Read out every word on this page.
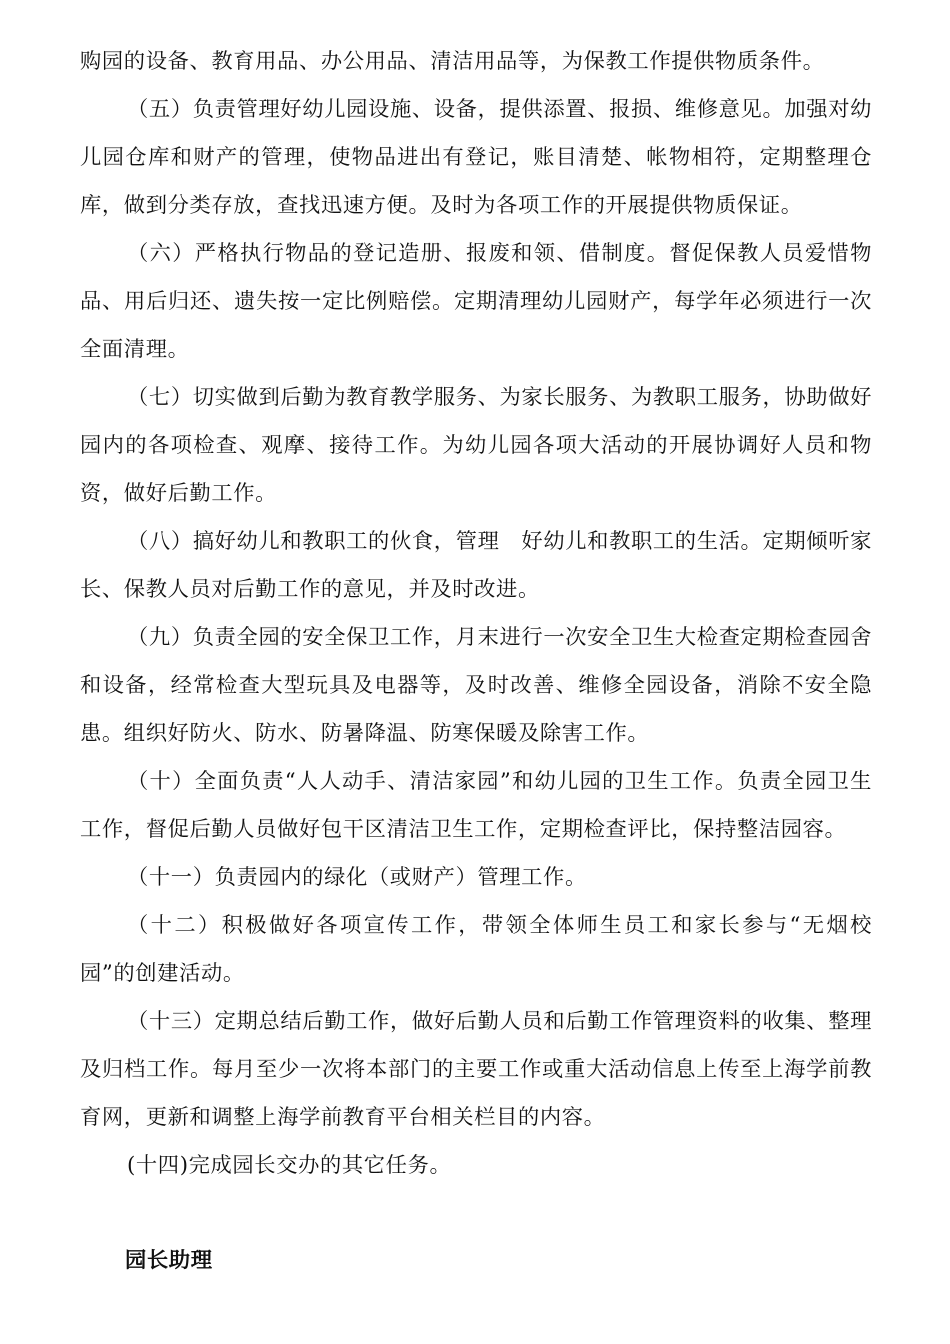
购园的设备、教育用品、办公用品、清洁用品等，为保教工作提供物质条件。

（五）负责管理好幼儿园设施、设备，提供添置、报损、维修意见。加强对幼儿园仓库和财产的管理，使物品进出有登记，账目清楚、帐物相符，定期整理仓库，做到分类存放，查找迅速方便。及时为各项工作的开展提供物质保证。

（六）严格执行物品的登记造册、报废和领、借制度。督促保教人员爱惜物品、用后归还、遗失按一定比例赔偿。定期清理幼儿园财产，每学年必须进行一次全面清理。

（七）切实做到后勤为教育教学服务、为家长服务、为教职工服务，协助做好园内的各项检查、观摩、接待工作。为幼儿园各项大活动的开展协调好人员和物资，做好后勤工作。

（八）搞好幼儿和教职工的伙食，管理　好幼儿和教职工的生活。定期倾听家长、保教人员对后勤工作的意见，并及时改进。

（九）负责全园的安全保卫工作，月末进行一次安全卫生大检查定期检查园舍和设备，经常检查大型玩具及电器等，及时改善、维修全园设备，消除不安全隐患。组织好防火、防水、防暑降温、防寒保暖及除害工作。

（十）全面负责“人人动手、清洁家园”和幼儿园的卫生工作。负责全园卫生工作，督促后勤人员做好包干区清洁卫生工作，定期检查评比，保持整洁园容。

（十一）负责园内的绿化（或财产）管理工作。

（十二）积极做好各项宣传工作，带领全体师生员工和家长参与“无烟校园”的创建活动。

（十三）定期总结后勤工作，做好后勤人员和后勤工作管理资料的收集、整理及归档工作。每月至少一次将本部门的主要工作或重大活动信息上传至上海学前教育网，更新和调整上海学前教育平台相关栏目的内容。

(十四)完成园长交办的其它任务。

园长助理
